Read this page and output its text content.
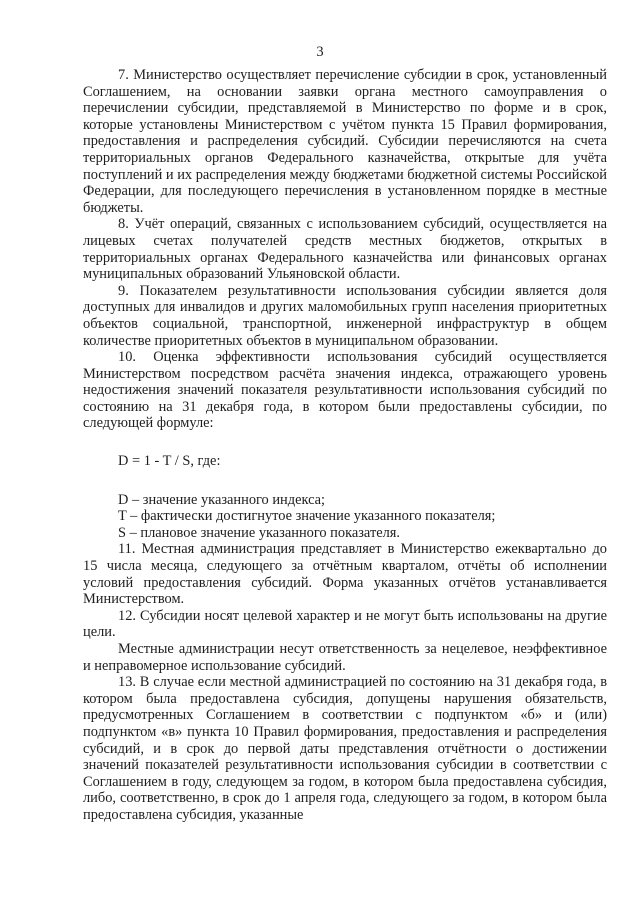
3

7. Министерство осуществляет перечисление субсидии в срок, установленный Соглашением, на основании заявки органа местного самоуправления о перечислении субсидии, представляемой в Министерство по форме и в срок, которые установлены Министерством с учётом пункта 15 Правил формирования, предоставления и распределения субсидий. Субсидии перечисляются на счета территориальных органов Федерального казначейства, открытые для учёта поступлений и их распределения между бюджетами бюджетной системы Российской Федерации, для последующего перечисления в установленном порядке в местные бюджеты.

8. Учёт операций, связанных с использованием субсидий, осуществляется на лицевых счетах получателей средств местных бюджетов, открытых в территориальных органах Федерального казначейства или финансовых органах муниципальных образований Ульяновской области.

9. Показателем результативности использования субсидии является доля доступных для инвалидов и других маломобильных групп населения приоритетных объектов социальной, транспортной, инженерной инфраструктур в общем количестве приоритетных объектов в муниципальном образовании.

10. Оценка эффективности использования субсидий осуществляется Министерством посредством расчёта значения индекса, отражающего уровень недостижения значений показателя результативности использования субсидий по состоянию на 31 декабря года, в котором были предоставлены субсидии, по следующей формуле:

D = 1 - T / S, где:

D – значение указанного индекса;

T – фактически достигнутое значение указанного показателя;

S – плановое значение указанного показателя.

11. Местная администрация представляет в Министерство ежеквартально до 15 числа месяца, следующего за отчётным кварталом, отчёты об исполнении условий предоставления субсидий. Форма указанных отчётов устанавливается Министерством.

12. Субсидии носят целевой характер и не могут быть использованы на другие цели.

Местные администрации несут ответственность за нецелевое, неэффективное и неправомерное использование субсидий.

13. В случае если местной администрацией по состоянию на 31 декабря года, в котором была предоставлена субсидия, допущены нарушения обязательств, предусмотренных Соглашением в соответствии с подпунктом «б» и (или) подпунктом «в» пункта 10 Правил формирования, предоставления и распределения субсидий, и в срок до первой даты представления отчётности о достижении значений показателей результативности использования субсидии в соответствии с Соглашением в году, следующем за годом, в котором была предоставлена субсидия, либо, соответственно, в срок до 1 апреля года, следующего за годом, в котором была предоставлена субсидия, указанные
